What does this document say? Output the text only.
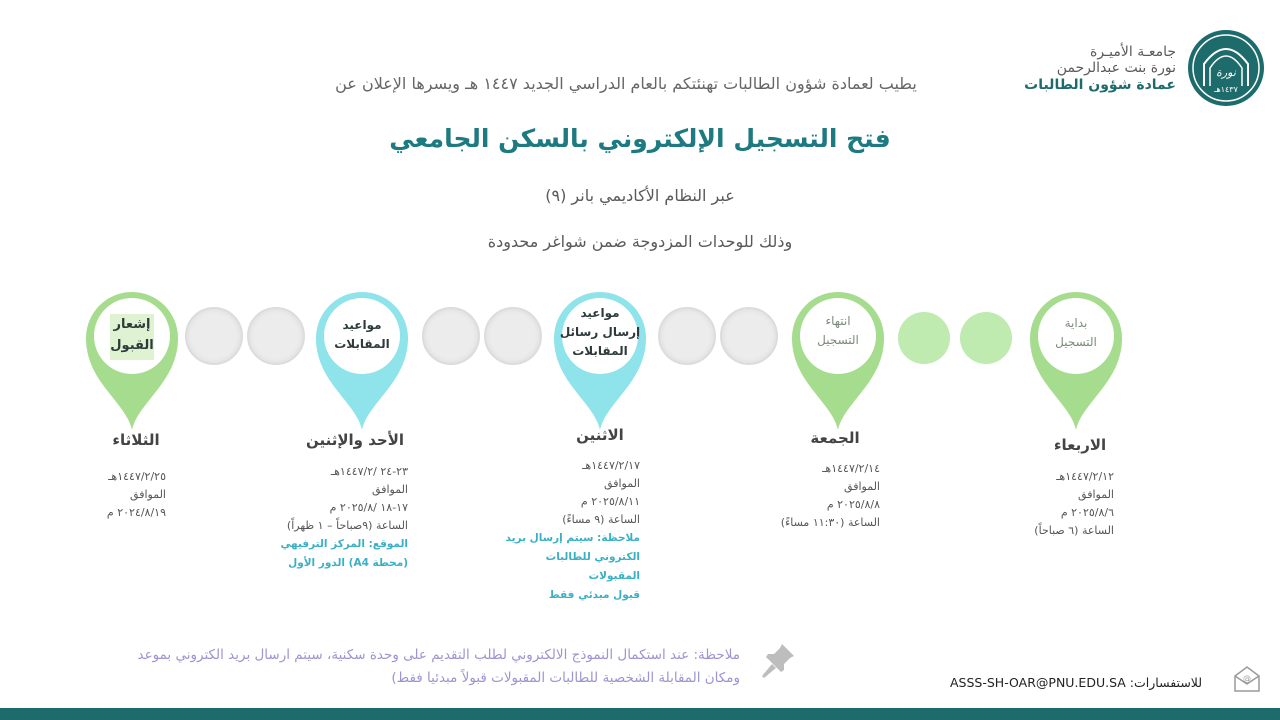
نورة
١٤٣٧هـ
جامعـة الأميـرة
نورة بنت عبدالرحمن
عمادة شؤون الطالبات
يطيب لعمادة شؤون الطالبات تهنئتكم بالعام الدراسي الجديد ١٤٤٧ هـ ويسرها الإعلان عن
فتح التسجيل الإلكتروني بالسكن الجامعي
عبر النظام الأكاديمي بانر (٩)
وذلك للوحدات المزدوجة ضمن شواغر محدودة
بداية
التسجيل
انتهاء
التسجيل
مواعيد
إرسال رسائل
المقابلات
مواعيد
المقابلات
إشعار
القبول
الاربعاء
١٤٤٧/٢/١٢هـ
الموافق
٢٠٢٥/٨/٦ م
الساعة (٦ صباحاً)
الجمعة
١٤٤٧/٢/١٤هـ
الموافق
٢٠٢٥/٨/٨ م
الساعة (١١:٣٠ مساءً)
الاثنين
١٤٤٧/٢/١٧هـ
الموافق
٢٠٢٥/٨/١١ م
الساعة (٩ مساءً)
ملاحظة: سيتم إرسال بريد
الكتروني للطالبات المقبولات
قبول مبدئي فقط
الأحد والإثنين
٢٣-٢٤ /١٤٤٧/٢هـ
الموافق
١٧-١٨ /٢٠٢٥/٨ م
الساعة (٩صباحاً – ١ ظهراً)
الموقع: المركز الترفيهي
(محطة A4) الدور الأول
الثلاثاء
١٤٤٧/٢/٢٥هـ
الموافق
٢٠٢٤/٨/١٩ م
ملاحظة: عند استكمال النموذج الالكتروني لطلب التقديم على وحدة سكنية، سيتم ارسال بريد الكتروني بموعد
ومكان المقابلة الشخصية للطالبات المقبولات قبولاً مبدئيا فقط)	ASSS-SH-OAR@PNU.EDU.SA للاستفسارات:	@
